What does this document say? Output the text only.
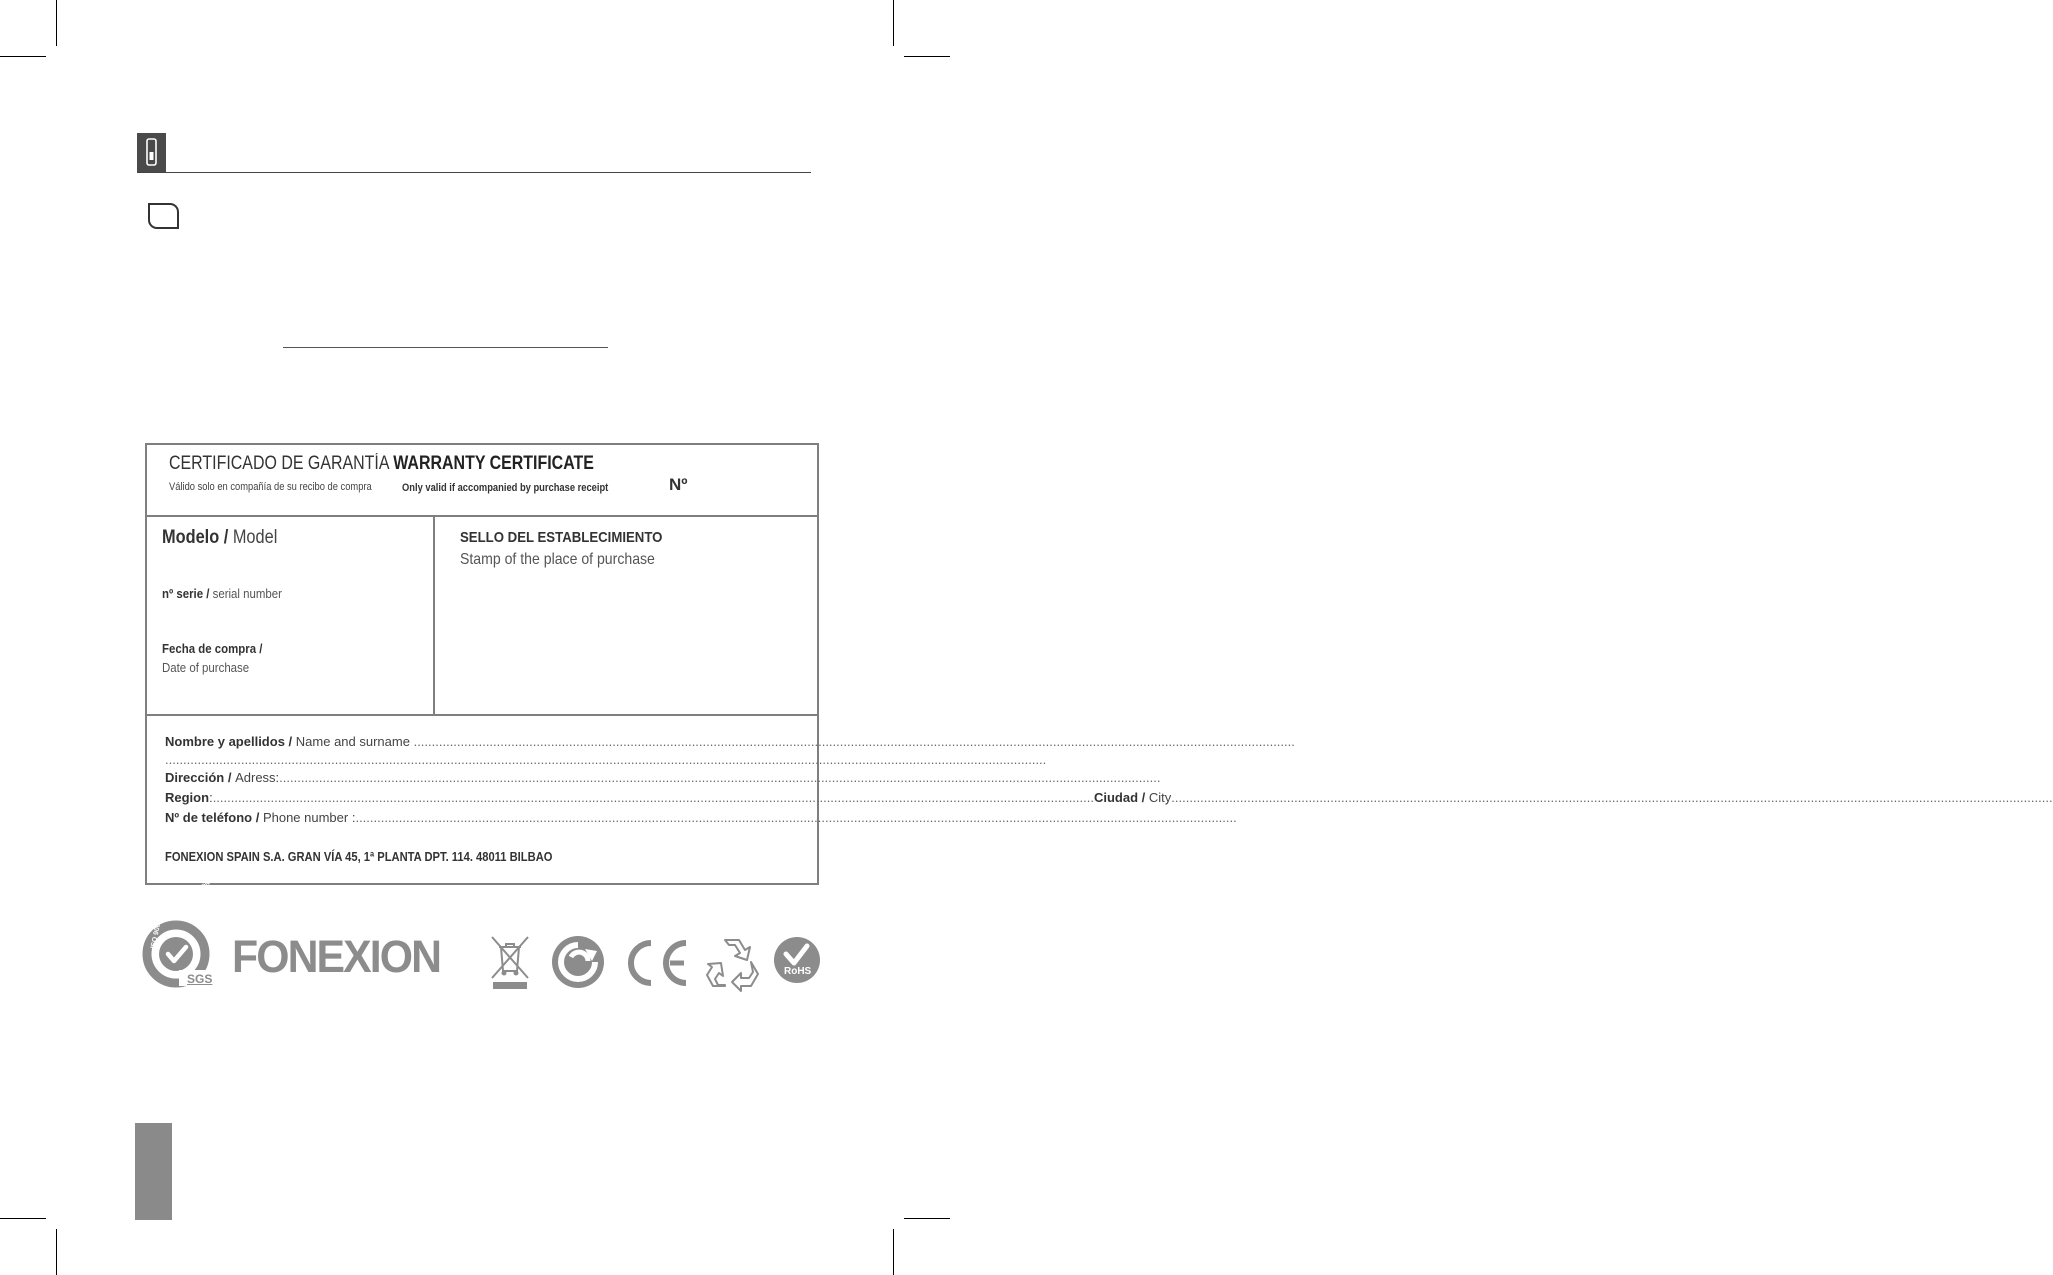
CERTIFICADO DE GARANTÍA WARRANTY CERTIFICATE
Válido solo en compañía de su recibo de compra	Only valid if accompanied by purchase receipt	Nº
Modelo / Model
nº serie / serial number
Fecha de compra /
Date of purchase
SELLO DEL ESTABLECIMIENTO
Stamp of the place of purchase
Nombre y apellidos /
Name and surname
....................................................................................................................................................................................................................................................
....................................................................................................................................................................................................................................................
Dirección /
Adress: ....................................................................................................................................................................................................................................................
Region : .................................................................................................................................................................................................................................................... Ciudad /
City ....................................................................................................................................................................................................................................................
Nº de teléfono /
Phone number : ....................................................................................................................................................................................................................................................
FONEXION SPAIN S.A. GRAN VÍA 45, 1ª PLANTA DPT. 114. 48011 BILBAO
ISO 9001
STATUS CERTIFICATION
SGS FONEXION	RoHS
